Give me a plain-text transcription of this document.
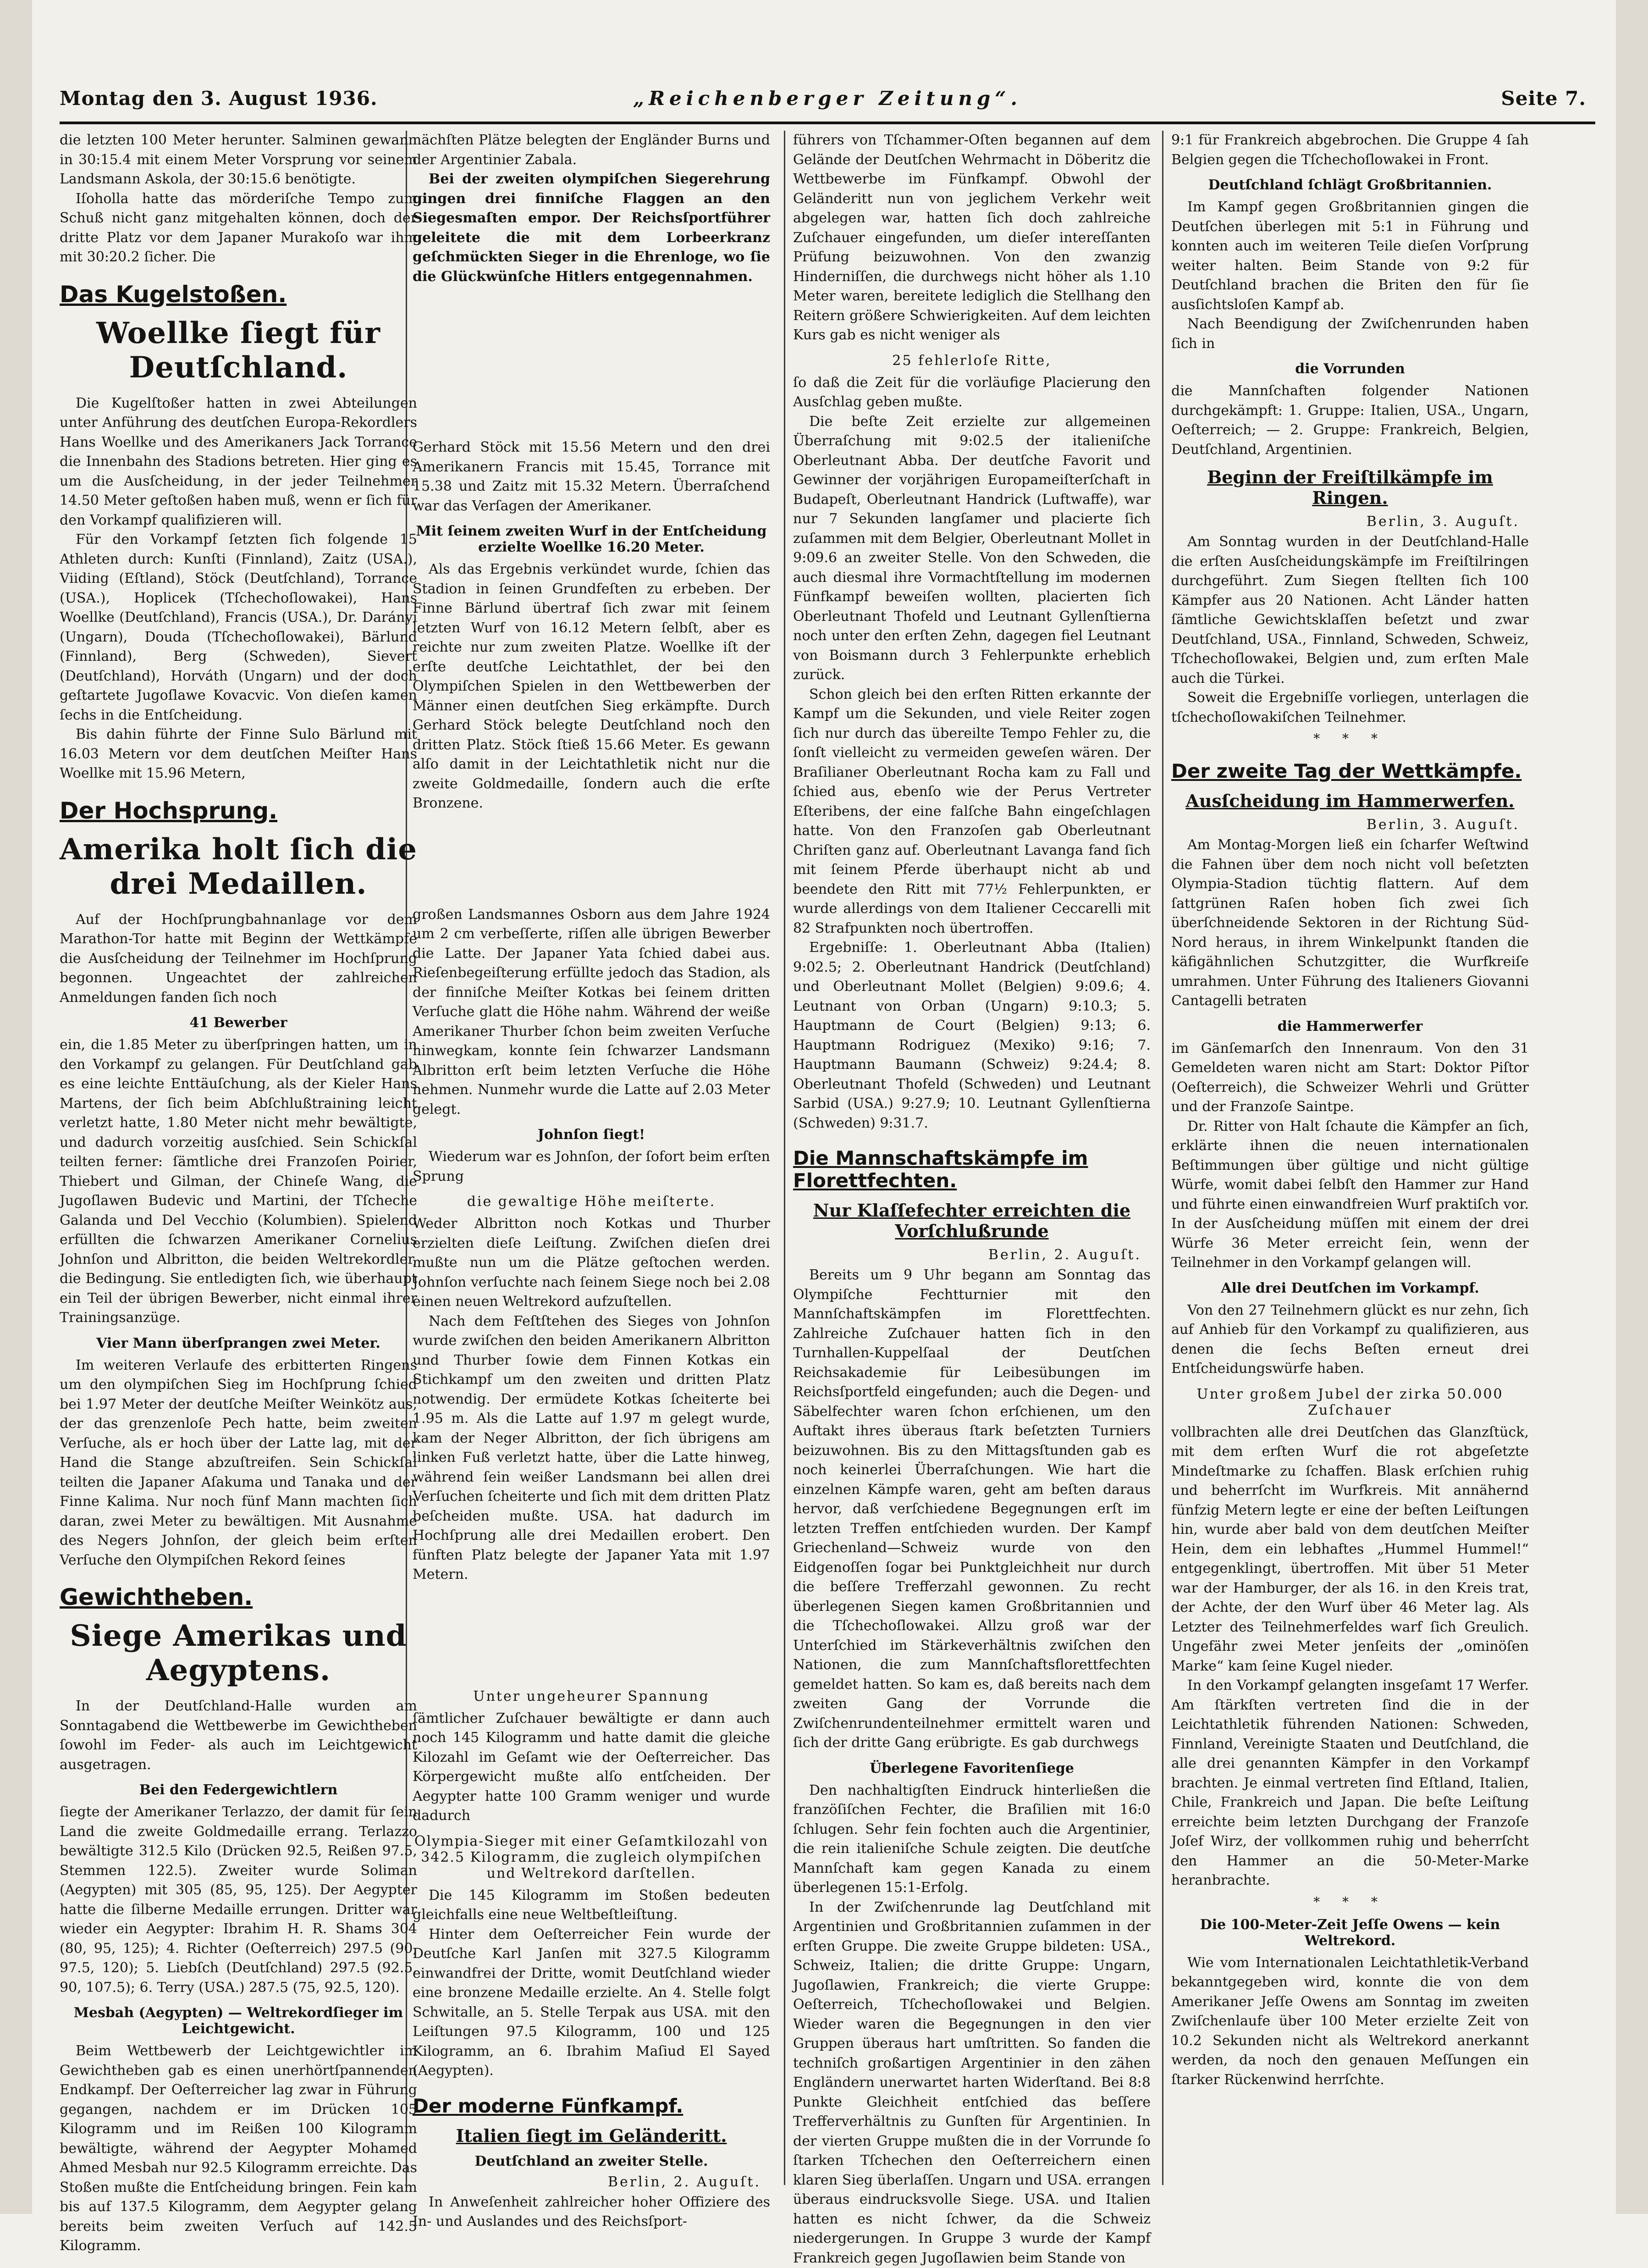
Montag den 3. August 1936.	„Reichenberger Zeitung“.	Seite 7.

die letzten 100 Meter herunter. Salminen gewann in 30:15.4 mit einem Meter Vorsprung vor seinem Landsmann Askola, der 30:15.6 benötigte.

Iſoholla hatte das mörderiſche Tempo zum Schuß nicht ganz mitgehalten können, doch der dritte Platz vor dem Japaner Murakoſo war ihm mit 30:20.2 ſicher. Die

Das Kugelstoßen.
Woellke ſiegt für Deutſchland.

Die Kugelſtoßer hatten in zwei Abteilungen unter Anführung des deutſchen Europa-Rekordlers Hans Woellke und des Amerikaners Jack Torrance die Innenbahn des Stadions betreten. Hier ging es um die Ausſcheidung, in der jeder Teilnehmer 14.50 Meter geſtoßen haben muß, wenn er ſich für den Vorkampf qualifizieren will.

Für den Vorkampf ſetzten ſich folgende 15 Athleten durch: Kunſti (Finnland), Zaitz (USA.), Viiding (Eſtland), Stöck (Deutſchland), Torrance (USA.), Hoplicek (Tſchechoſlowakei), Hans Woellke (Deutſchland), Francis (USA.), Dr. Darányi (Ungarn), Douda (Tſchechoſlowakei), Bärlund (Finnland), Berg (Schweden), Sievert (Deutſchland), Horváth (Ungarn) und der doch geſtartete Jugoſlawe Kovacvic. Von dieſen kamen ſechs in die Entſcheidung.

Bis dahin führte der Finne Sulo Bärlund mit 16.03 Metern vor dem deutſchen Meiſter Hans Woellke mit 15.96 Metern,

Der Hochsprung.
Amerika holt ſich die drei Medaillen.

Auf der Hochſprungbahnanlage vor dem Marathon-Tor hatte mit Beginn der Wettkämpfe die Ausſcheidung der Teilnehmer im Hochſprung begonnen. Ungeachtet der zahlreichen Anmeldungen fanden ſich noch

41 Bewerber

ein, die 1.85 Meter zu überſpringen hatten, um in den Vorkampf zu gelangen. Für Deutſchland gab es eine leichte Enttäuſchung, als der Kieler Hans Martens, der ſich beim Abſchlußtraining leicht verletzt hatte, 1.80 Meter nicht mehr bewältigte, und dadurch vorzeitig ausſchied. Sein Schickſal teilten ferner: ſämtliche drei Franzoſen Poirier, Thiebert und Gilman, der Chineſe Wang, die Jugoſlawen Budevic und Martini, der Tſcheche Galanda und Del Vecchio (Kolumbien). Spielend erfüllten die ſchwarzen Amerikaner Cornelius Johnſon und Albritton, die beiden Weltrekordler, die Bedingung. Sie entledigten ſich, wie überhaupt ein Teil der übrigen Bewerber, nicht einmal ihrer Trainingsanzüge.

Vier Mann überſprangen zwei Meter.

Im weiteren Verlaufe des erbitterten Ringens um den olympiſchen Sieg im Hochſprung ſchied bei 1.97 Meter der deutſche Meiſter Weinkötz aus, der das grenzenloſe Pech hatte, beim zweiten Verſuche, als er hoch über der Latte lag, mit der Hand die Stange abzuſtreifen. Sein Schickſal teilten die Japaner Aſakuma und Tanaka und der Finne Kalima. Nur noch fünf Mann machten ſich daran, zwei Meter zu bewältigen. Mit Ausnahme des Negers Johnſon, der gleich beim erſten Verſuche den Olympiſchen Rekord ſeines

Gewichtheben.
Siege Amerikas und Aegyptens.

In der Deutſchland-Halle wurden am Sonntagabend die Wettbewerbe im Gewichtheben ſowohl im Feder- als auch im Leichtgewicht ausgetragen.

Bei den Federgewichtlern

ſiegte der Amerikaner Terlazzo, der damit für ſein Land die zweite Goldmedaille errang. Terlazzo bewältigte 312.5 Kilo (Drücken 92.5, Reißen 97.5, Stemmen 122.5). Zweiter wurde Soliman (Aegypten) mit 305 (85, 95, 125). Der Aegypter hatte die ſilberne Medaille errungen. Dritter war wieder ein Aegypter: Ibrahim H. R. Shams 304 (80, 95, 125); 4. Richter (Oeſterreich) 297.5 (90, 97.5, 120); 5. Liebſch (Deutſchland) 297.5 (92.5, 90, 107.5); 6. Terry (USA.) 287.5 (75, 92.5, 120).

Mesbah (Aegypten) — Weltrekordſieger im Leichtgewicht.

Beim Wettbewerb der Leichtgewichtler im Gewichtheben gab es einen unerhörtſpannenden Endkampf. Der Oeſterreicher lag zwar in Führung gegangen, nachdem er im Drücken 105 Kilogramm und im Reißen 100 Kilogramm bewältigte, während der Aegypter Mohamed Ahmed Mesbah nur 92.5 Kilogramm erreichte. Das Stoßen mußte die Entſcheidung bringen. Fein kam bis auf 137.5 Kilogramm, dem Aegypter gelang bereits beim zweiten Verſuch auf 142.5 Kilogramm.

nächſten Plätze belegten der Engländer Burns und der Argentinier Zabala.

Bei der zweiten olympiſchen Siegerehrung gingen drei finniſche Flaggen an den Siegesmaſten empor. Der Reichsſportführer geleitete die mit dem Lorbeerkranz geſchmückten Sieger in die Ehrenloge, wo ſie die Glückwünſche Hitlers entgegennahmen.

Gerhard Stöck mit 15.56 Metern und den drei Amerikanern Francis mit 15.45, Torrance mit 15.38 und Zaitz mit 15.32 Metern. Überraſchend war das Verſagen der Amerikaner.

Mit ſeinem zweiten Wurf in der Entſcheidung erzielte Woellke 16.20 Meter.

Als das Ergebnis verkündet wurde, ſchien das Stadion in ſeinen Grundfeſten zu erbeben. Der Finne Bärlund übertraf ſich zwar mit ſeinem letzten Wurf von 16.12 Metern ſelbſt, aber es reichte nur zum zweiten Platze. Woellke iſt der erſte deutſche Leichtathlet, der bei den Olympiſchen Spielen in den Wettbewerben der Männer einen deutſchen Sieg erkämpfte. Durch Gerhard Stöck belegte Deutſchland noch den dritten Platz. Stöck ſtieß 15.66 Meter. Es gewann alſo damit in der Leichtathletik nicht nur die zweite Goldmedaille, ſondern auch die erſte Bronzene.

großen Landsmannes Osborn aus dem Jahre 1924 um 2 cm verbeſſerte, riſſen alle übrigen Bewerber die Latte. Der Japaner Yata ſchied dabei aus. Rieſenbegeiſterung erfüllte jedoch das Stadion, als der finniſche Meiſter Kotkas bei ſeinem dritten Verſuche glatt die Höhe nahm. Während der weiße Amerikaner Thurber ſchon beim zweiten Verſuche hinwegkam, konnte ſein ſchwarzer Landsmann Albritton erſt beim letzten Verſuche die Höhe nehmen. Nunmehr wurde die Latte auf 2.03 Meter gelegt.

Johnſon ſiegt!

Wiederum war es Johnſon, der ſofort beim erſten Sprung

die gewaltige Höhe meiſterte.

Weder Albritton noch Kotkas und Thurber erzielten dieſe Leiſtung. Zwiſchen dieſen drei mußte nun um die Plätze geſtochen werden. Johnſon verſuchte nach ſeinem Siege noch bei 2.08 einen neuen Weltrekord aufzuſtellen.

Nach dem Feſtſtehen des Sieges von Johnſon wurde zwiſchen den beiden Amerikanern Albritton und Thurber ſowie dem Finnen Kotkas ein Stichkampf um den zweiten und dritten Platz notwendig. Der ermüdete Kotkas ſcheiterte bei 1.95 m. Als die Latte auf 1.97 m gelegt wurde, kam der Neger Albritton, der ſich übrigens am linken Fuß verletzt hatte, über die Latte hinweg, während ſein weißer Landsmann bei allen drei Verſuchen ſcheiterte und ſich mit dem dritten Platz beſcheiden mußte. USA. hat dadurch im Hochſprung alle drei Medaillen erobert. Den fünften Platz belegte der Japaner Yata mit 1.97 Metern.

Unter ungeheurer Spannung

ſämtlicher Zuſchauer bewältigte er dann auch noch 145 Kilogramm und hatte damit die gleiche Kilozahl im Geſamt wie der Oeſterreicher. Das Körpergewicht mußte alſo entſcheiden. Der Aegypter hatte 100 Gramm weniger und wurde dadurch

Olympia-Sieger mit einer Geſamtkilozahl von 342.5 Kilogramm, die zugleich olympiſchen und Weltrekord darſtellen.

Die 145 Kilogramm im Stoßen bedeuten gleichfalls eine neue Weltbeſtleiſtung.

Hinter dem Oeſterreicher Fein wurde der Deutſche Karl Janſen mit 327.5 Kilogramm einwandfrei der Dritte, womit Deutſchland wieder eine bronzene Medaille erzielte. An 4. Stelle folgt Schwitalle, an 5. Stelle Terpak aus USA. mit den Leiſtungen 97.5 Kilogramm, 100 und 125 Kilogramm, an 6. Ibrahim Maſiud El Sayed (Aegypten).

Der moderne Fünfkampf.
Italien ſiegt im Geländeritt.
Deutſchland an zweiter Stelle.
Berlin, 2. Auguſt.

In Anweſenheit zahlreicher hoher Offiziere des In- und Auslandes und des Reichsſport-

führers von Tſchammer-Oſten begannen auf dem Gelände der Deutſchen Wehrmacht in Döberitz die Wettbewerbe im Fünfkampf. Obwohl der Geländeritt nun von jeglichem Verkehr weit abgelegen war, hatten ſich doch zahlreiche Zuſchauer eingefunden, um dieſer intereſſanten Prüfung beizuwohnen. Von den zwanzig Hinderniſſen, die durchwegs nicht höher als 1.10 Meter waren, bereitete lediglich die Stellhang den Reitern größere Schwierigkeiten. Auf dem leichten Kurs gab es nicht weniger als

25 fehlerloſe Ritte,

ſo daß die Zeit für die vorläufige Placierung den Ausſchlag geben mußte.

Die beſte Zeit erzielte zur allgemeinen Überraſchung mit 9:02.5 der italieniſche Oberleutnant Abba. Der deutſche Favorit und Gewinner der vorjährigen Europameiſterſchaft in Budapeſt, Oberleutnant Handrick (Luftwaffe), war nur 7 Sekunden langſamer und placierte ſich zuſammen mit dem Belgier, Oberleutnant Mollet in 9:09.6 an zweiter Stelle. Von den Schweden, die auch diesmal ihre Vormachtſtellung im modernen Fünfkampf beweiſen wollten, placierten ſich Oberleutnant Thofeld und Leutnant Gyllenſtierna noch unter den erſten Zehn, dagegen fiel Leutnant von Boismann durch 3 Fehlerpunkte erheblich zurück.

Schon gleich bei den erſten Ritten erkannte der Kampf um die Sekunden, und viele Reiter zogen ſich nur durch das übereilte Tempo Fehler zu, die ſonſt vielleicht zu vermeiden geweſen wären. Der Braſilianer Oberleutnant Rocha kam zu Fall und ſchied aus, ebenſo wie der Perus Vertreter Eſteribens, der eine falſche Bahn eingeſchlagen hatte. Von den Franzoſen gab Oberleutnant Chriſten ganz auf. Oberleutnant Lavanga fand ſich mit ſeinem Pferde überhaupt nicht ab und beendete den Ritt mit 77½ Fehlerpunkten, er wurde allerdings von dem Italiener Ceccarelli mit 82 Strafpunkten noch übertroffen.

Ergebniſſe: 1. Oberleutnant Abba (Italien) 9:02.5; 2. Oberleutnant Handrick (Deutſchland) und Oberleutnant Mollet (Belgien) 9:09.6; 4. Leutnant von Orban (Ungarn) 9:10.3; 5. Hauptmann de Court (Belgien) 9:13; 6. Hauptmann Rodriguez (Mexiko) 9:16; 7. Hauptmann Baumann (Schweiz) 9:24.4; 8. Oberleutnant Thofeld (Schweden) und Leutnant Sarbid (USA.) 9:27.9; 10. Leutnant Gyllenſtierna (Schweden) 9:31.7.

Die Mannschaftskämpfe im Florettfechten.
Nur Klaſſefechter erreichten die Vorſchlußrunde
Berlin, 2. Auguſt.

Bereits um 9 Uhr begann am Sonntag das Olympiſche Fechtturnier mit den Mannſchaftskämpfen im Florettfechten. Zahlreiche Zuſchauer hatten ſich in den Turnhallen-Kuppelſaal der Deutſchen Reichsakademie für Leibesübungen im Reichsſportfeld eingefunden; auch die Degen- und Säbelfechter waren ſchon erſchienen, um den Auftakt ihres überaus ſtark beſetzten Turniers beizuwohnen. Bis zu den Mittagsſtunden gab es noch keinerlei Überraſchungen. Wie hart die einzelnen Kämpfe waren, geht am beſten daraus hervor, daß verſchiedene Begegnungen erſt im letzten Treffen entſchieden wurden. Der Kampf Griechenland—Schweiz wurde von den Eidgenoſſen ſogar bei Punktgleichheit nur durch die beſſere Trefferzahl gewonnen. Zu recht überlegenen Siegen kamen Großbritannien und die Tſchechoſlowakei. Allzu groß war der Unterſchied im Stärkeverhältnis zwiſchen den Nationen, die zum Mannſchaftsflorettfechten gemeldet hatten. So kam es, daß bereits nach dem zweiten Gang der Vorrunde die Zwiſchenrundenteilnehmer ermittelt waren und ſich der dritte Gang erübrigte. Es gab durchwegs

Überlegene Favoritenſiege

Den nachhaltigſten Eindruck hinterließen die franzöſiſchen Fechter, die Braſilien mit 16:0 ſchlugen. Sehr fein fochten auch die Argentinier, die rein italieniſche Schule zeigten. Die deutſche Mannſchaft kam gegen Kanada zu einem überlegenen 15:1-Erfolg.

In der Zwiſchenrunde lag Deutſchland mit Argentinien und Großbritannien zuſammen in der erſten Gruppe. Die zweite Gruppe bildeten: USA., Schweiz, Italien; die dritte Gruppe: Ungarn, Jugoſlawien, Frankreich; die vierte Gruppe: Oeſterreich, Tſchechoſlowakei und Belgien. Wieder waren die Begegnungen in den vier Gruppen überaus hart umſtritten. So fanden die techniſch großartigen Argentinier in den zähen Engländern unerwartet harten Widerſtand. Bei 8:8 Punkte Gleichheit entſchied das beſſere Trefferverhältnis zu Gunſten für Argentinien. In der vierten Gruppe mußten die in der Vorrunde ſo ſtarken Tſchechen den Oeſterreichern einen klaren Sieg überlaſſen. Ungarn und USA. errangen überaus eindrucksvolle Siege. USA. und Italien hatten es nicht ſchwer, da die Schweiz niedergerungen. In Gruppe 3 wurde der Kampf Frankreich gegen Jugoſlawien beim Stande von

9:1 für Frankreich abgebrochen. Die Gruppe 4 ſah Belgien gegen die Tſchechoſlowakei in Front.

Deutſchland ſchlägt Großbritannien.

Im Kampf gegen Großbritannien gingen die Deutſchen überlegen mit 5:1 in Führung und konnten auch im weiteren Teile dieſen Vorſprung weiter halten. Beim Stande von 9:2 für Deutſchland brachen die Briten den für ſie ausſichtsloſen Kampf ab.

Nach Beendigung der Zwiſchenrunden haben ſich in

die Vorrunden

die Mannſchaften folgender Nationen durchgekämpft: 1. Gruppe: Italien, USA., Ungarn, Oeſterreich; — 2. Gruppe: Frankreich, Belgien, Deutſchland, Argentinien.

Beginn der Freiſtilkämpfe im Ringen.
Berlin, 3. Auguſt.

Am Sonntag wurden in der Deutſchland-Halle die erſten Ausſcheidungskämpfe im Freiſtilringen durchgeführt. Zum Siegen ſtellten ſich 100 Kämpfer aus 20 Nationen. Acht Länder hatten ſämtliche Gewichtsklaſſen beſetzt und zwar Deutſchland, USA., Finnland, Schweden, Schweiz, Tſchechoſlowakei, Belgien und, zum erſten Male auch die Türkei.

Soweit die Ergebniſſe vorliegen, unterlagen die tſchechoſlowakiſchen Teilnehmer.

* * *
Der zweite Tag der Wettkämpfe.
Ausſcheidung im Hammerwerfen.
Berlin, 3. Auguſt.

Am Montag-Morgen ließ ein ſcharfer Weſtwind die Fahnen über dem noch nicht voll beſetzten Olympia-Stadion tüchtig flattern. Auf dem ſattgrünen Raſen hoben ſich zwei ſich überſchneidende Sektoren in der Richtung Süd-Nord heraus, in ihrem Winkelpunkt ſtanden die käfigähnlichen Schutzgitter, die Wurfkreiſe umrahmen. Unter Führung des Italieners Giovanni Cantagelli betraten

die Hammerwerfer

im Gänſemarſch den Innenraum. Von den 31 Gemeldeten waren nicht am Start: Doktor Piſtor (Oeſterreich), die Schweizer Wehrli und Grütter und der Franzoſe Saintpe.

Dr. Ritter von Halt ſchaute die Kämpfer an ſich, erklärte ihnen die neuen internationalen Beſtimmungen über gültige und nicht gültige Würfe, womit dabei ſelbſt den Hammer zur Hand und führte einen einwandfreien Wurf praktiſch vor. In der Ausſcheidung müſſen mit einem der drei Würfe 36 Meter erreicht ſein, wenn der Teilnehmer in den Vorkampf gelangen will.

Alle drei Deutſchen im Vorkampf.

Von den 27 Teilnehmern glückt es nur zehn, ſich auf Anhieb für den Vorkampf zu qualifizieren, aus denen die ſechs Beſten erneut drei Entſcheidungswürfe haben.

Unter großem Jubel der zirka 50.000 Zuſchauer

vollbrachten alle drei Deutſchen das Glanzſtück, mit dem erſten Wurf die rot abgeſetzte Mindeſtmarke zu ſchaffen. Blask erſchien ruhig und beherrſcht im Wurfkreis. Mit annähernd fünfzig Metern legte er eine der beſten Leiſtungen hin, wurde aber bald von dem deutſchen Meiſter Hein, dem ein lebhaftes „Hummel Hummel!“ entgegenklingt, übertroffen. Mit über 51 Meter war der Hamburger, der als 16. in den Kreis trat, der Achte, der den Wurf über 46 Meter lag. Als Letzter des Teilnehmerfeldes warf ſich Greulich. Ungefähr zwei Meter jenſeits der „ominöſen Marke“ kam ſeine Kugel nieder.

In den Vorkampf gelangten insgeſamt 17 Werfer. Am ſtärkſten vertreten ſind die in der Leichtathletik führenden Nationen: Schweden, Finnland, Vereinigte Staaten und Deutſchland, die alle drei genannten Kämpfer in den Vorkampf brachten. Je einmal vertreten ſind Eſtland, Italien, Chile, Frankreich und Japan. Die beſte Leiſtung erreichte beim letzten Durchgang der Franzoſe Joſef Wirz, der vollkommen ruhig und beherrſcht den Hammer an die 50-Meter-Marke heranbrachte.

* * *
Die 100-Meter-Zeit Jeſſe Owens — kein Weltrekord.

Wie vom Internationalen Leichtathletik-Verband bekanntgegeben wird, konnte die von dem Amerikaner Jeſſe Owens am Sonntag im zweiten Zwiſchenlaufe über 100 Meter erzielte Zeit von 10.2 Sekunden nicht als Weltrekord anerkannt werden, da noch den genauen Meſſungen ein ſtarker Rückenwind herrſchte.
